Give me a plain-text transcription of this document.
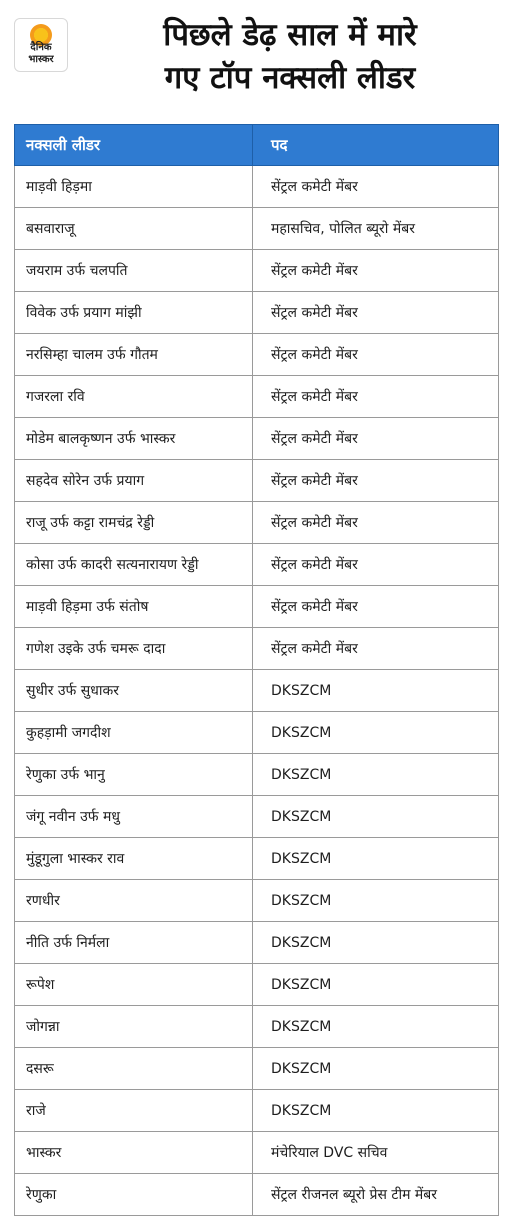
दैनिक
भास्कर
पिछले डेढ़ साल में मारे
गए टॉप नक्सली लीडर
नक्सली लीडर	पद
माड़वी हिड़मा	सेंट्रल कमेटी मेंबर
बसवाराजू	महासचिव, पोलित ब्यूरो मेंबर
जयराम उर्फ चलपति	सेंट्रल कमेटी मेंबर
विवेक उर्फ प्रयाग मांझी	सेंट्रल कमेटी मेंबर
नरसिम्हा चालम उर्फ गौतम	सेंट्रल कमेटी मेंबर
गजरला रवि	सेंट्रल कमेटी मेंबर
मोडेम बालकृष्णन उर्फ भास्कर	सेंट्रल कमेटी मेंबर
सहदेव सोरेन उर्फ प्रयाग	सेंट्रल कमेटी मेंबर
राजू उर्फ कट्टा रामचंद्र रेड्डी	सेंट्रल कमेटी मेंबर
कोसा उर्फ कादरी सत्यनारायण रेड्डी	सेंट्रल कमेटी मेंबर
माड़वी हिड़मा उर्फ संतोष	सेंट्रल कमेटी मेंबर
गणेश उइके उर्फ चमरू दादा	सेंट्रल कमेटी मेंबर
सुधीर उर्फ सुधाकर	DKSZCM
कुहड़ामी जगदीश	DKSZCM
रेणुका उर्फ भानु	DKSZCM
जंगू नवीन उर्फ मधु	DKSZCM
मुंडूगुला भास्कर राव	DKSZCM
रणधीर	DKSZCM
नीति उर्फ निर्मला	DKSZCM
रूपेश	DKSZCM
जोगन्ना	DKSZCM
दसरू	DKSZCM
राजे	DKSZCM
भास्कर	मंचेरियाल DVC सचिव
रेणुका	सेंट्रल रीजनल ब्यूरो प्रेस टीम मेंबर
